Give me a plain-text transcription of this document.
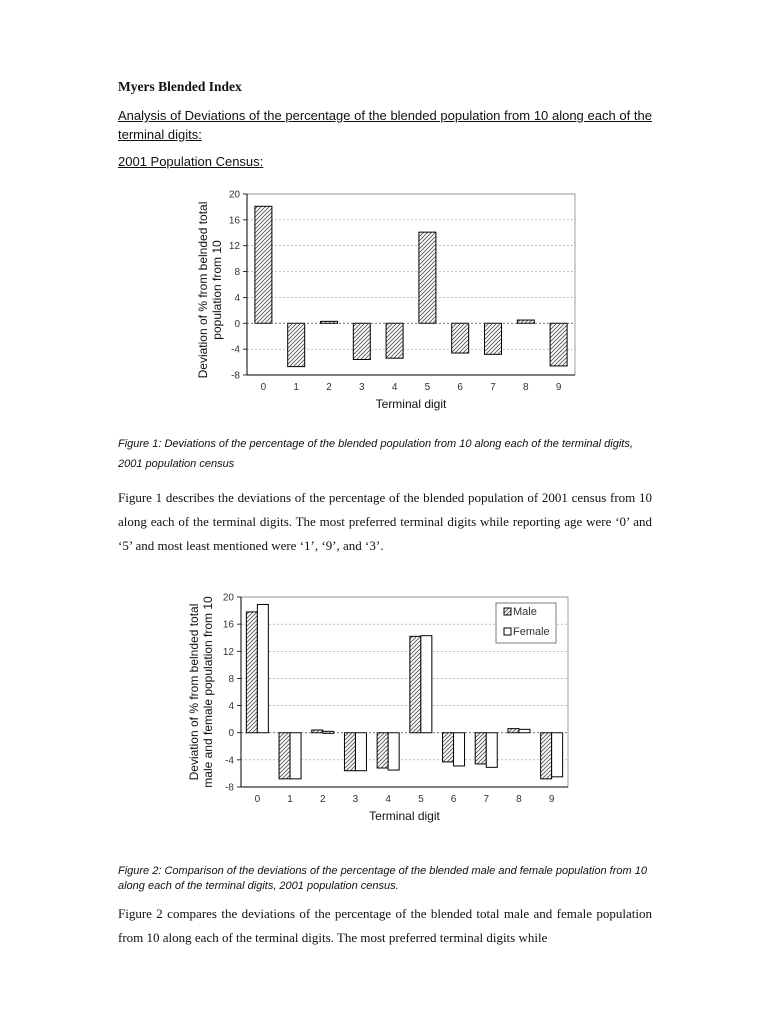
Myers Blended Index
Analysis of Deviations of the percentage of the blended population from 10 along each of the terminal digits:
2001 Population Census:
-8
-4
0
4
8
12
16
20
0	1	2	3	4	5	6	7	8	9
Terminal digit
Deviation of % from belnded total population from 10
Figure 1: Deviations of the percentage of the blended population from 10 along each of the terminal digits, 2001 population census
Figure 1 describes the deviations of the percentage of the blended population of 2001 census from 10 along each of the terminal digits. The most preferred terminal digits while reporting age were ‘0’ and ‘5’ and most least mentioned were ‘1’, ‘9’, and ‘3’.
-8
-4
0
4
8
12
16
20
0	1	2	3	4	5	6	7	8	9
Terminal digit
Male
Female
Deviation of % from belnded total male and female population from 10
Figure 2: Comparison of the deviations of the percentage of the blended male and female population from 10 along each of the terminal digits, 2001 population census.
Figure 2 compares the deviations of the percentage of the blended total male and female population from 10 along each of the terminal digits. The most preferred terminal digits while
